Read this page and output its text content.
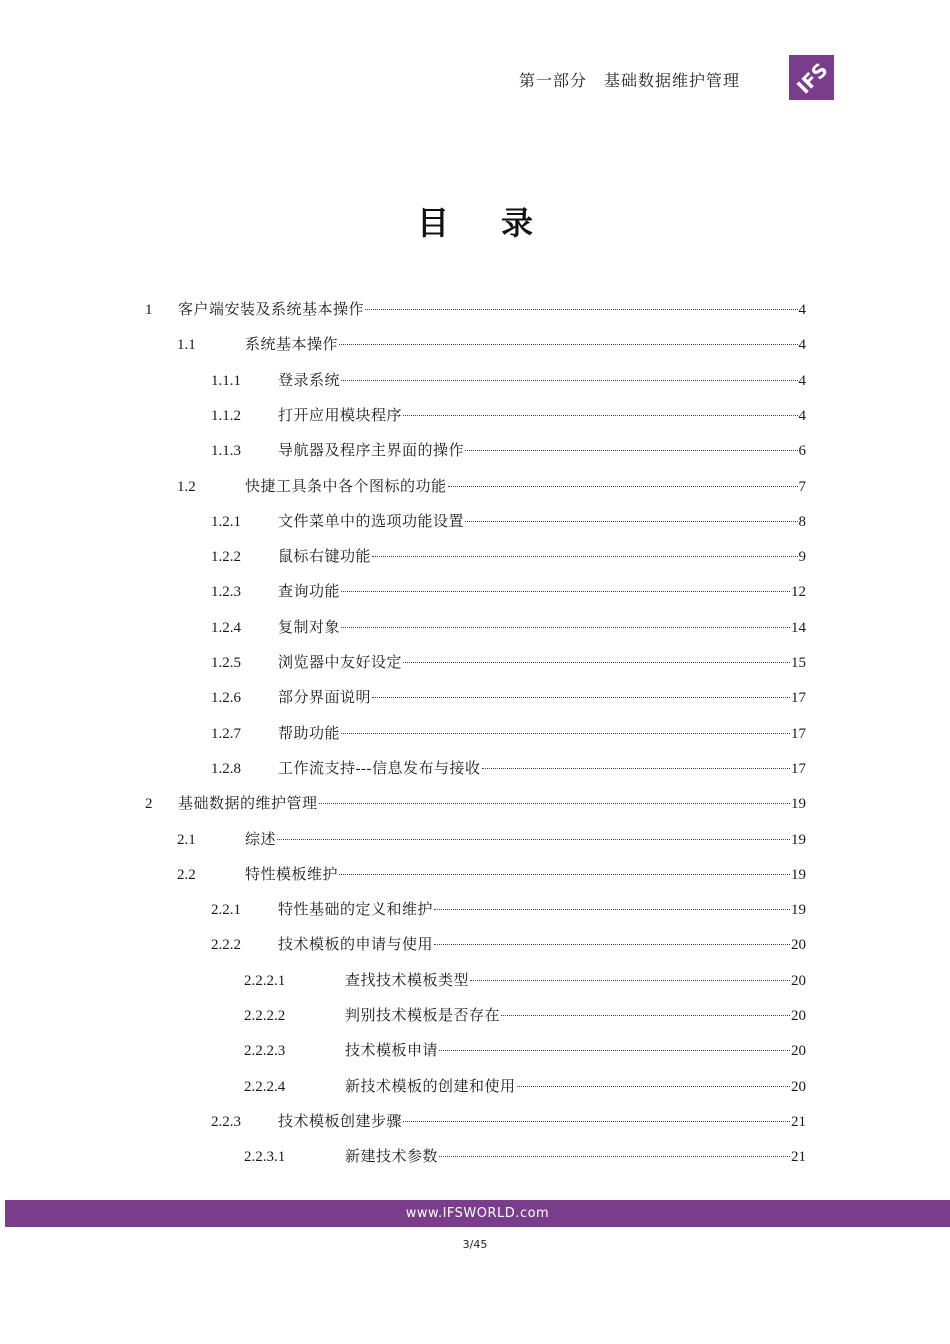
第一部分　基础数据维护管理	IFS
目录
1 客户端安装及系统基本操作	4
1.1	系统基本操作	4
1.1.1 登录系统	4
1.1.2 打开应用模块程序	4
1.1.3 导航器及程序主界面的操作	6
1.2	快捷工具条中各个图标的功能	7
1.2.1 文件菜单中的选项功能设置	8
1.2.2 鼠标右键功能	9
1.2.3 查询功能	12
1.2.4 复制对象	14
1.2.5 浏览器中友好设定	15
1.2.6 部分界面说明	17
1.2.7 帮助功能	17
1.2.8 工作流支持---信息发布与接收	17
2 基础数据的维护管理	19
2.1	综述	19
2.2	特性模板维护	19
2.2.1 特性基础的定义和维护	19
2.2.2 技术模板的申请与使用	20
2.2.2.1	查找技术模板类型	20
2.2.2.2	判别技术模板是否存在	20
2.2.2.3	技术模板申请	20
2.2.2.4	新技术模板的创建和使用	20
2.2.3 技术模板创建步骤	21
2.2.3.1	新建技术参数	21
www.IFSWORLD.com
3/45
